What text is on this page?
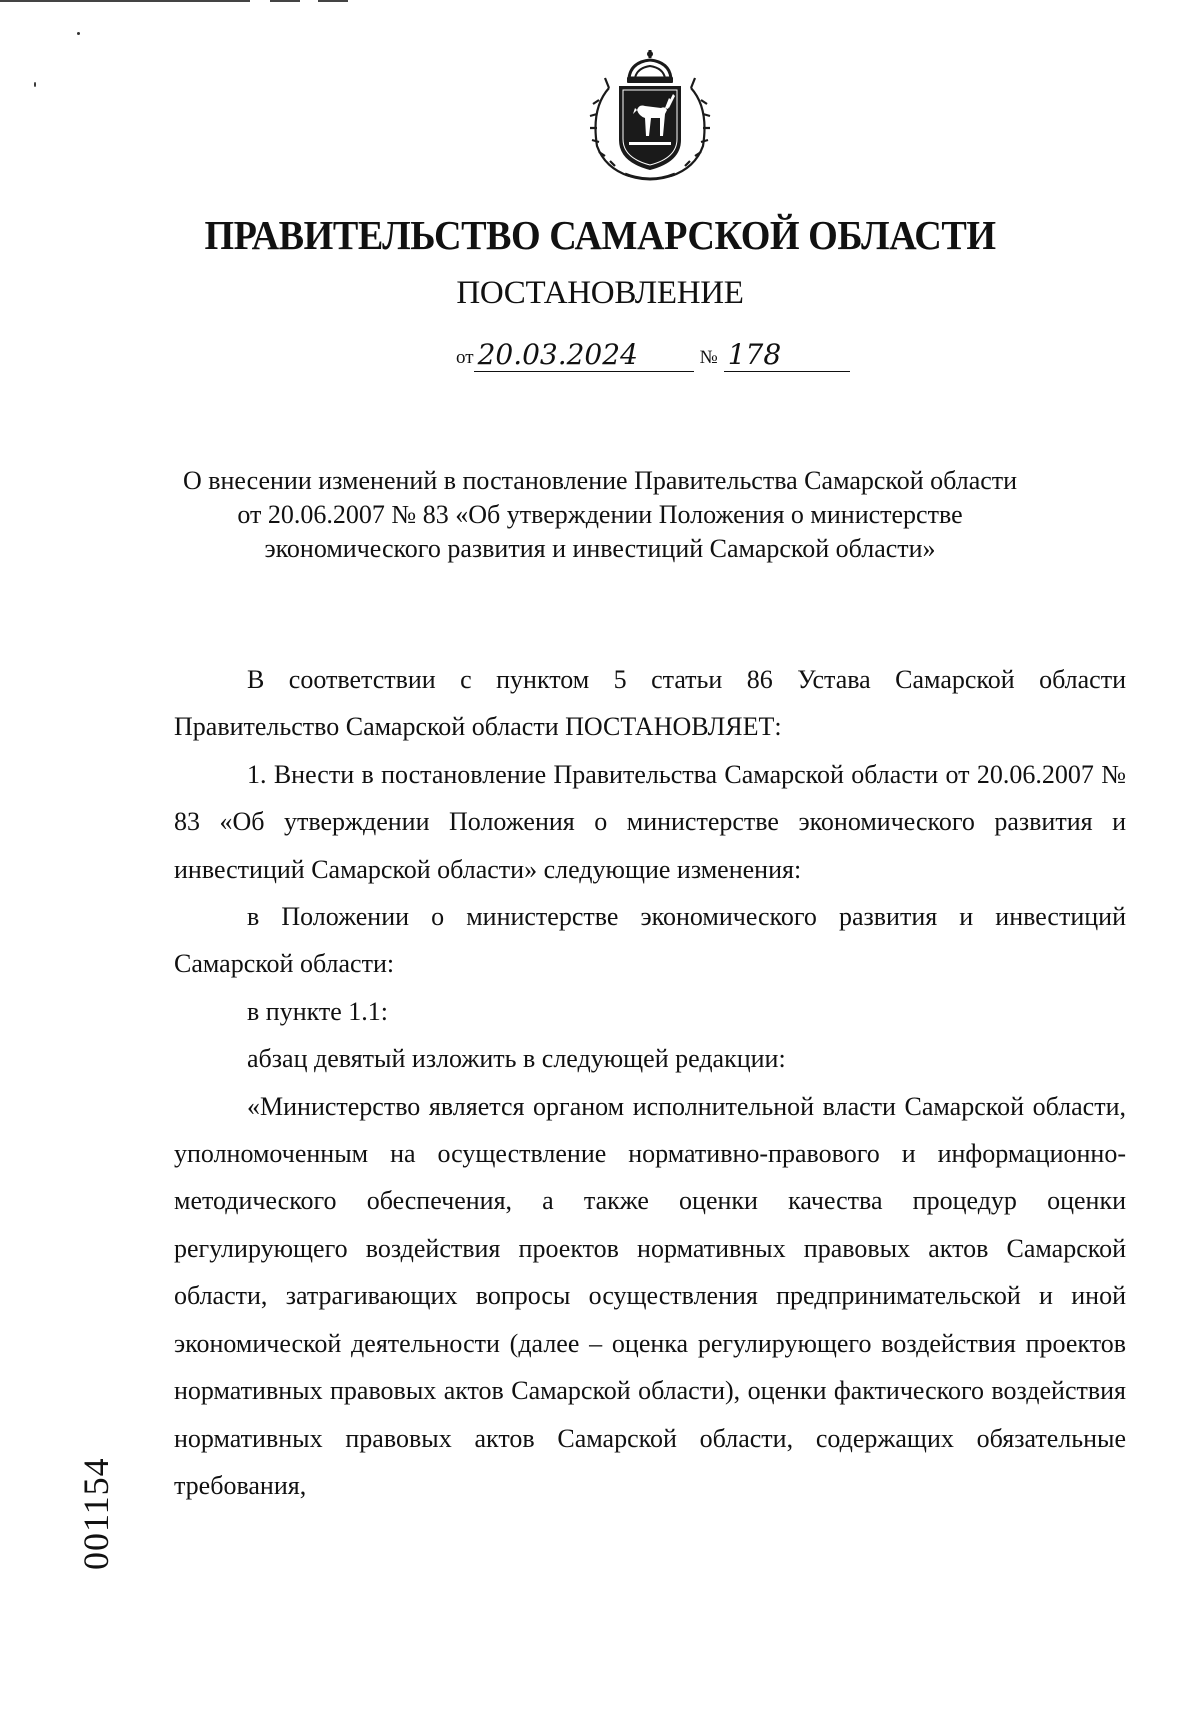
ПРАВИТЕЛЬСТВО САМАРСКОЙ ОБЛАСТИ
ПОСТАНОВЛЕНИЕ
от 20.03.2024	№ 178
О внесении изменений в постановление Правительства Самарской области
от 20.06.2007 № 83 «Об утверждении Положения о министерстве
экономического развития и инвестиций Самарской области»

В соответствии с пунктом 5 статьи 86 Устава Самарской области Правительство Самарской области ПОСТАНОВЛЯЕТ:

1. Внести в постановление Правительства Самарской области от 20.06.2007 № 83 «Об утверждении Положения о министерстве экономического развития и инвестиций Самарской области» следующие изменения:

в Положении о министерстве экономического развития и инвестиций Самарской области:

в пункте 1.1:

абзац девятый изложить в следующей редакции:

«Министерство является органом исполнительной власти Самарской области, уполномоченным на осуществление нормативно-правового и информационно-методического обеспечения, а также оценки качества процедур оценки регулирующего воздействия проектов нормативных правовых актов Самарской области, затрагивающих вопросы осуществления предпринимательской и иной экономической деятельности (далее – оценка регулирующего воздействия проектов нормативных правовых актов Самарской области), оценки фактического воздействия нормативных правовых актов Самарской области, содержащих обязательные требования,

001154
